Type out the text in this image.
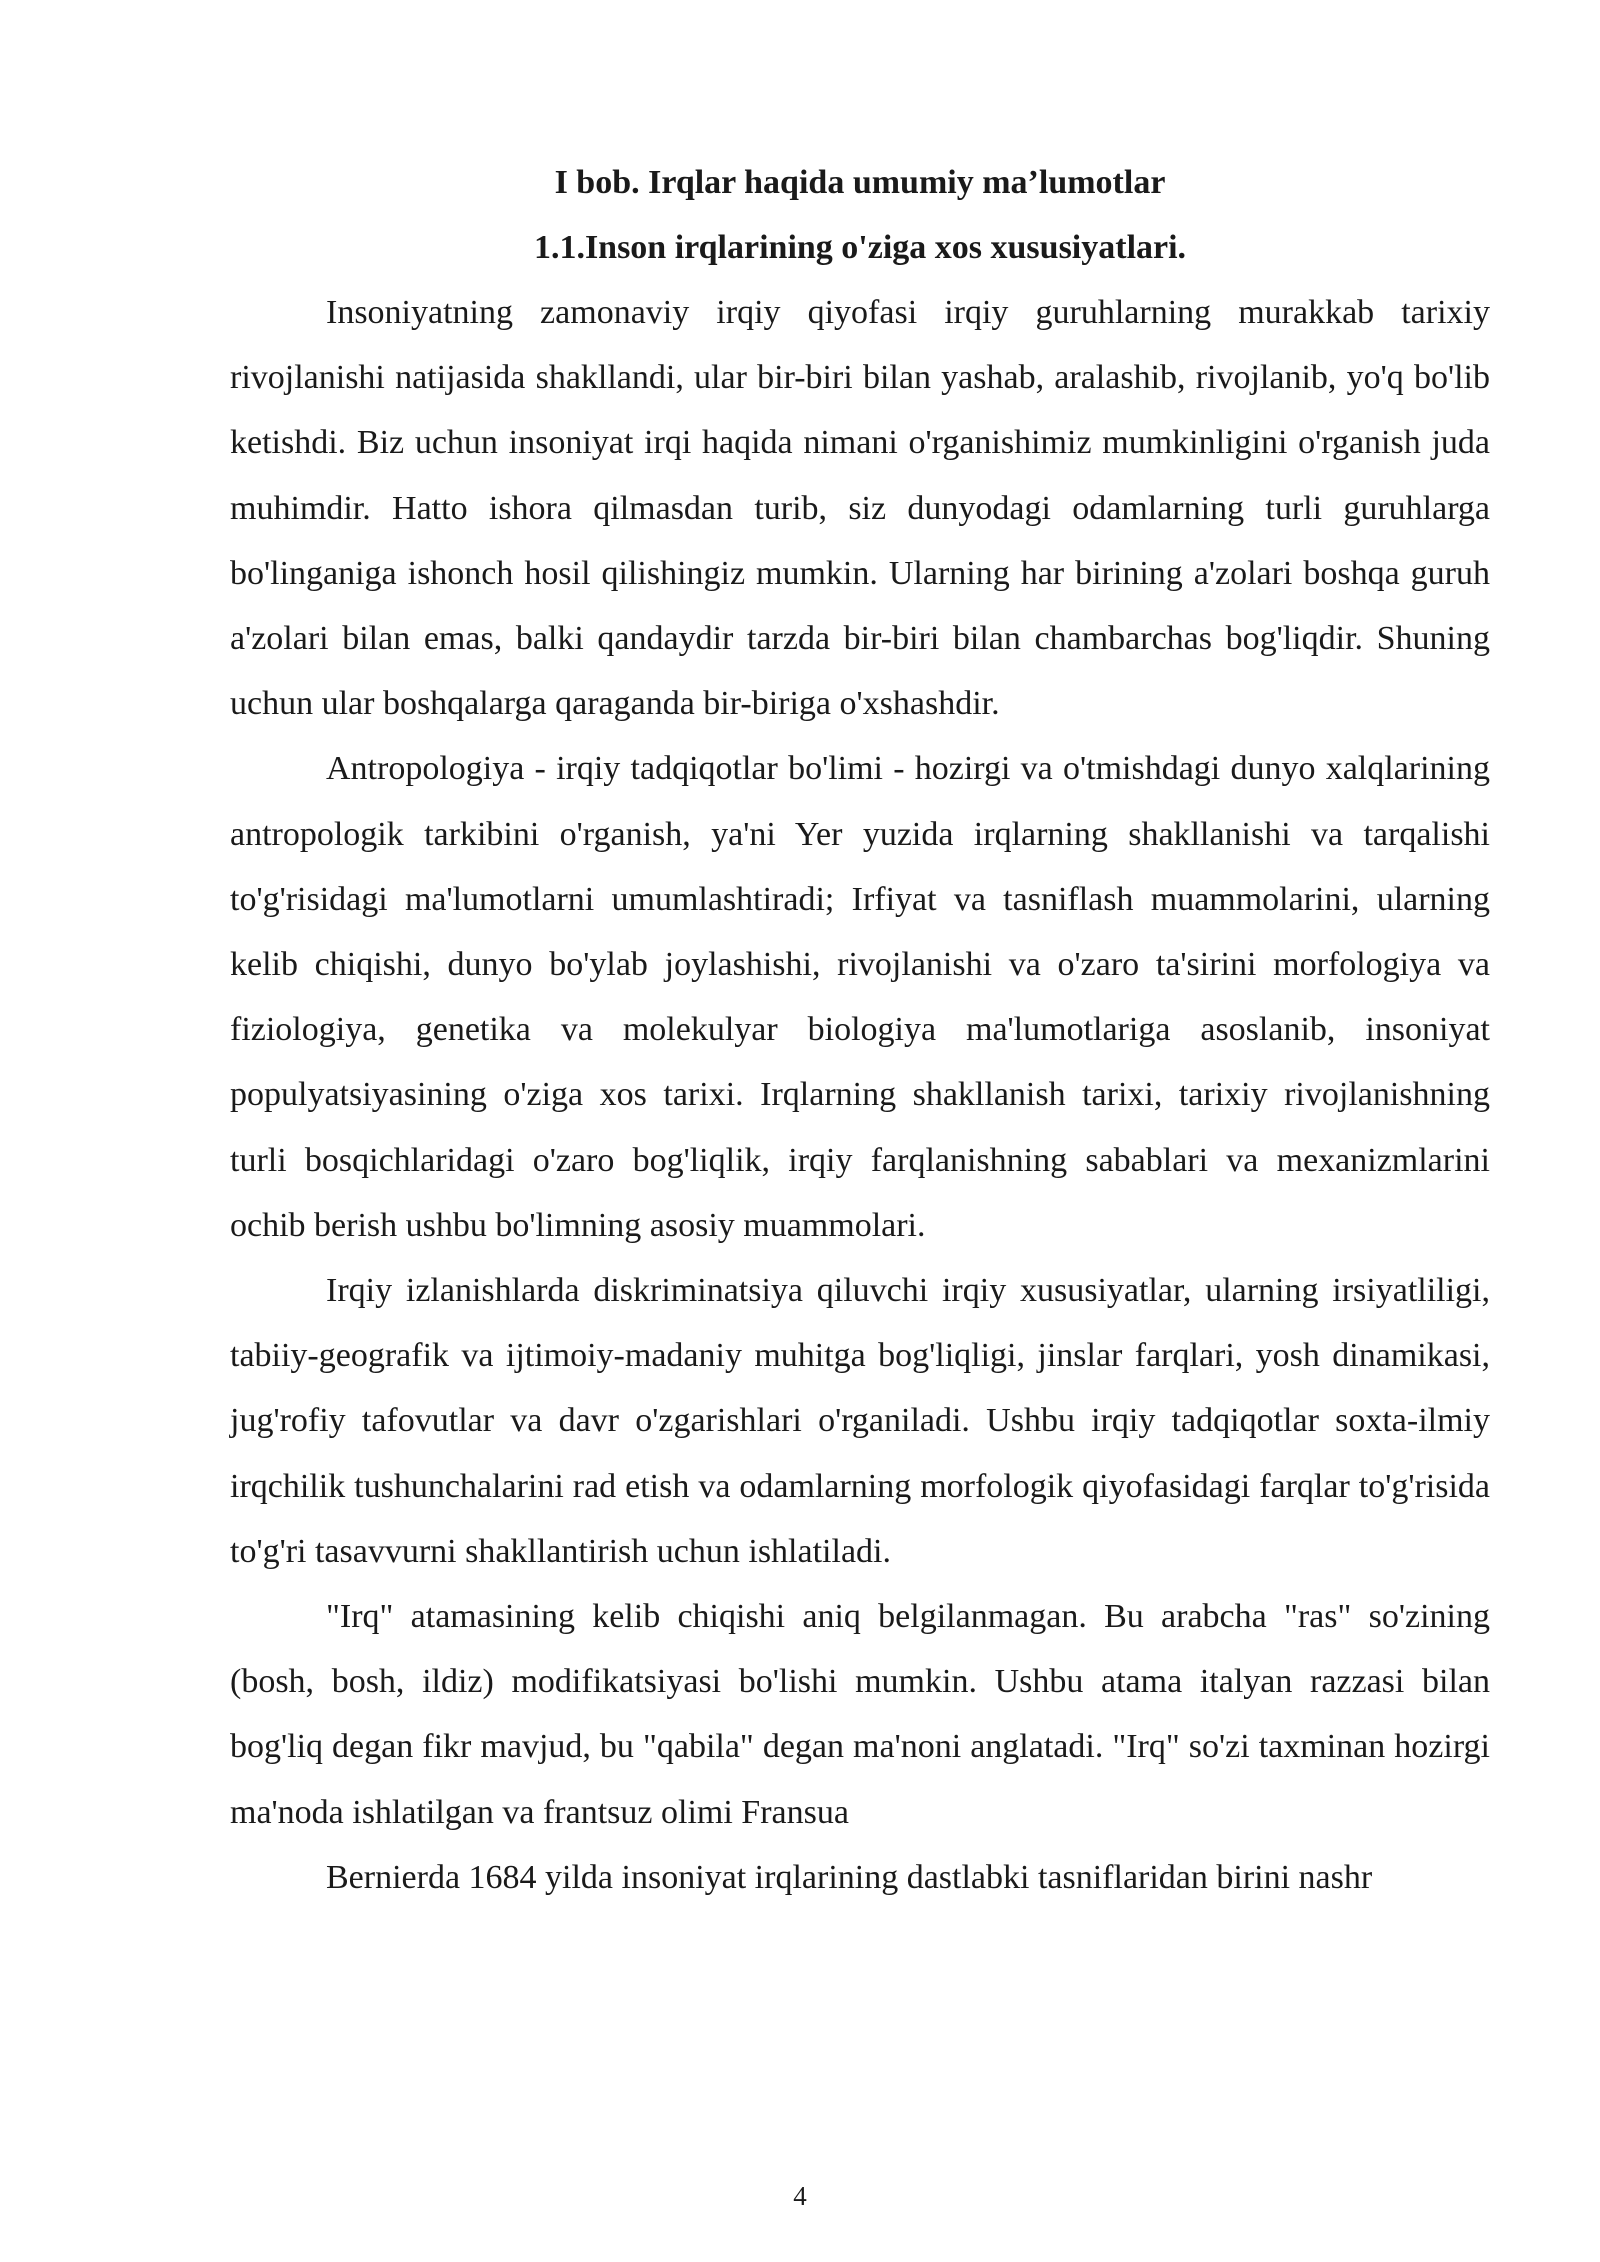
I bob. Irqlar haqida umumiy ma’lumotlar
1.1.Inson irqlarining o'ziga xos xususiyatlari.

Insoniyatning zamonaviy irqiy qiyofasi irqiy guruhlarning murakkab tarixiy rivojlanishi natijasida shakllandi, ular bir-biri bilan yashab, aralashib, rivojlanib, yo'q bo'lib ketishdi. Biz uchun insoniyat irqi haqida nimani o'rganishimiz mumkinligini o'rganish juda muhimdir. Hatto ishora qilmasdan turib, siz dunyodagi odamlarning turli guruhlarga bo'linganiga ishonch hosil qilishingiz mumkin. Ularning har birining a'zolari boshqa guruh a'zolari bilan emas, balki qandaydir tarzda bir-biri bilan chambarchas bog'liqdir. Shuning uchun ular boshqalarga qaraganda bir-biriga o'xshashdir.

Antropologiya - irqiy tadqiqotlar bo'limi - hozirgi va o'tmishdagi dunyo xalqlarining antropologik tarkibini o'rganish, ya'ni Yer yuzida irqlarning shakllanishi va tarqalishi to'g'risidagi ma'lumotlarni umumlashtiradi; Irfiyat va tasniflash muammolarini, ularning kelib chiqishi, dunyo bo'ylab joylashishi, rivojlanishi va o'zaro ta'sirini morfologiya va fiziologiya, genetika va molekulyar biologiya ma'lumotlariga asoslanib, insoniyat populyatsiyasining o'ziga xos tarixi. Irqlarning shakllanish tarixi, tarixiy rivojlanishning turli bosqichlaridagi o'zaro bog'liqlik, irqiy farqlanishning sabablari va mexanizmlarini ochib berish ushbu bo'limning asosiy muammolari.

Irqiy izlanishlarda diskriminatsiya qiluvchi irqiy xususiyatlar, ularning irsiyatliligi, tabiiy-geografik va ijtimoiy-madaniy muhitga bog'liqligi, jinslar farqlari, yosh dinamikasi, jug'rofiy tafovutlar va davr o'zgarishlari o'rganiladi. Ushbu irqiy tadqiqotlar soxta-ilmiy irqchilik tushunchalarini rad etish va odamlarning morfologik qiyofasidagi farqlar to'g'risida to'g'ri tasavvurni shakllantirish uchun ishlatiladi.

"Irq" atamasining kelib chiqishi aniq belgilanmagan. Bu arabcha "ras" so'zining (bosh, bosh, ildiz) modifikatsiyasi bo'lishi mumkin. Ushbu atama italyan razzasi bilan bog'liq degan fikr mavjud, bu "qabila" degan ma'noni anglatadi. "Irq" so'zi taxminan hozirgi ma'noda ishlatilgan va frantsuz olimi Fransua

Bernierda 1684 yilda insoniyat irqlarining dastlabki tasniflaridan birini nashr

4
